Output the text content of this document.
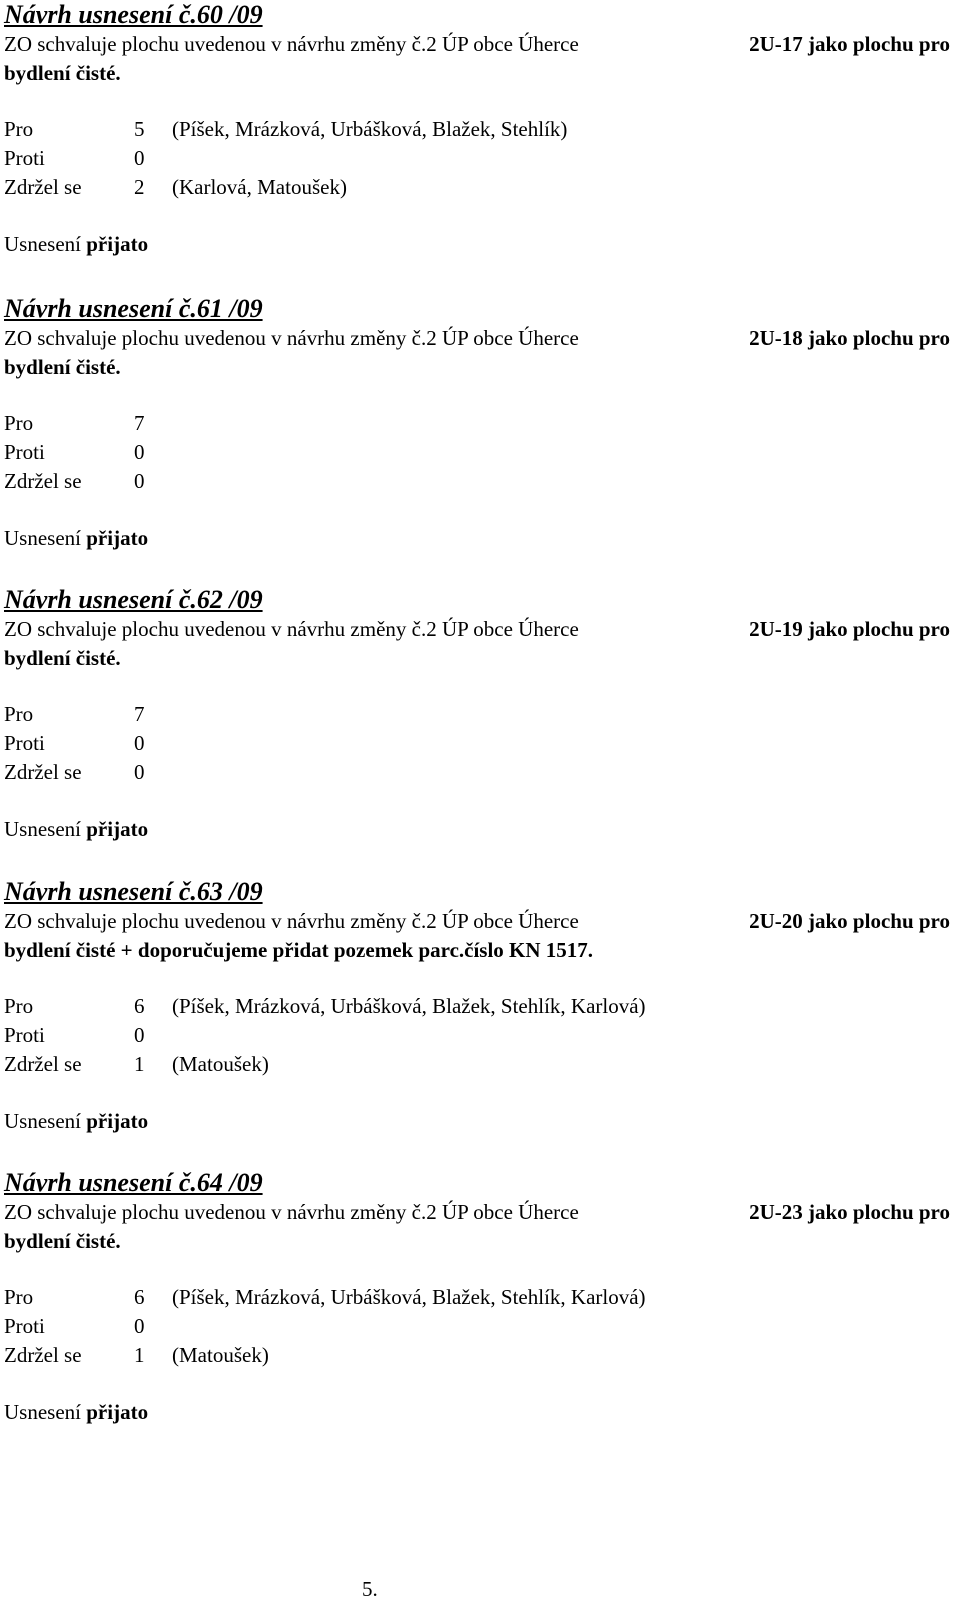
Návrh usnesení č.60 /09
ZO schvaluje plochu uvedenou v návrhu změny č.2 ÚP obce Úherce	2U-17 jako plochu pro
bydlení čisté.
Pro	5 (Píšek, Mrázková, Urbášková, Blažek, Stehlík)
Proti	0
Zdržel se 2 (Karlová, Matoušek)
Usnesení přijato
Návrh usnesení č.61 /09
ZO schvaluje plochu uvedenou v návrhu změny č.2 ÚP obce Úherce	2U-18 jako plochu pro
bydlení čisté.
Pro	7
Proti	0
Zdržel se 0
Usnesení přijato
Návrh usnesení č.62 /09
ZO schvaluje plochu uvedenou v návrhu změny č.2 ÚP obce Úherce	2U-19 jako plochu pro
bydlení čisté.
Pro	7
Proti	0
Zdržel se 0
Usnesení přijato
Návrh usnesení č.63 /09
ZO schvaluje plochu uvedenou v návrhu změny č.2 ÚP obce Úherce	2U-20 jako plochu pro
bydlení čisté + doporučujeme přidat pozemek parc.číslo KN 1517.
Pro	6 (Píšek, Mrázková, Urbášková, Blažek, Stehlík, Karlová)
Proti	0
Zdržel se 1 (Matoušek)
Usnesení přijato
Návrh usnesení č.64 /09
ZO schvaluje plochu uvedenou v návrhu změny č.2 ÚP obce Úherce	2U-23 jako plochu pro
bydlení čisté.
Pro	6 (Píšek, Mrázková, Urbášková, Blažek, Stehlík, Karlová)
Proti	0
Zdržel se 1 (Matoušek)
Usnesení přijato
5.
